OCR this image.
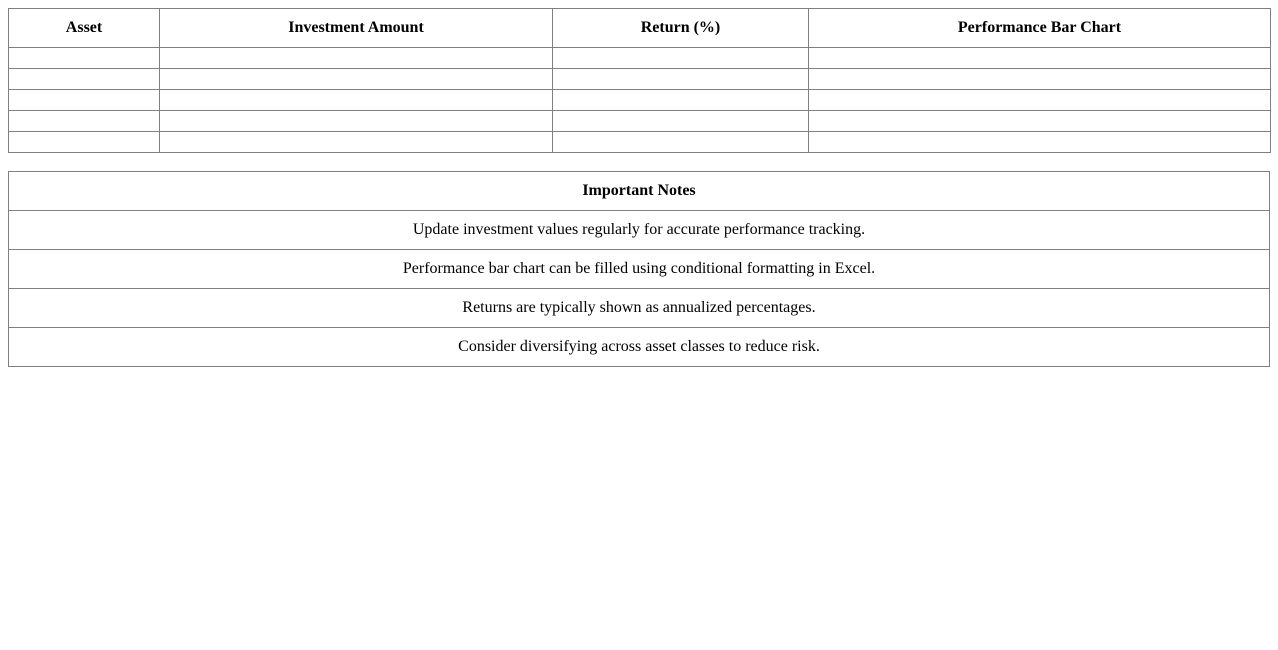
Asset	Investment Amount	Return (%)	Performance Bar Chart

Important Notes
Update investment values regularly for accurate performance tracking.
Performance bar chart can be filled using conditional formatting in Excel.
Returns are typically shown as annualized percentages.
Consider diversifying across asset classes to reduce risk.
